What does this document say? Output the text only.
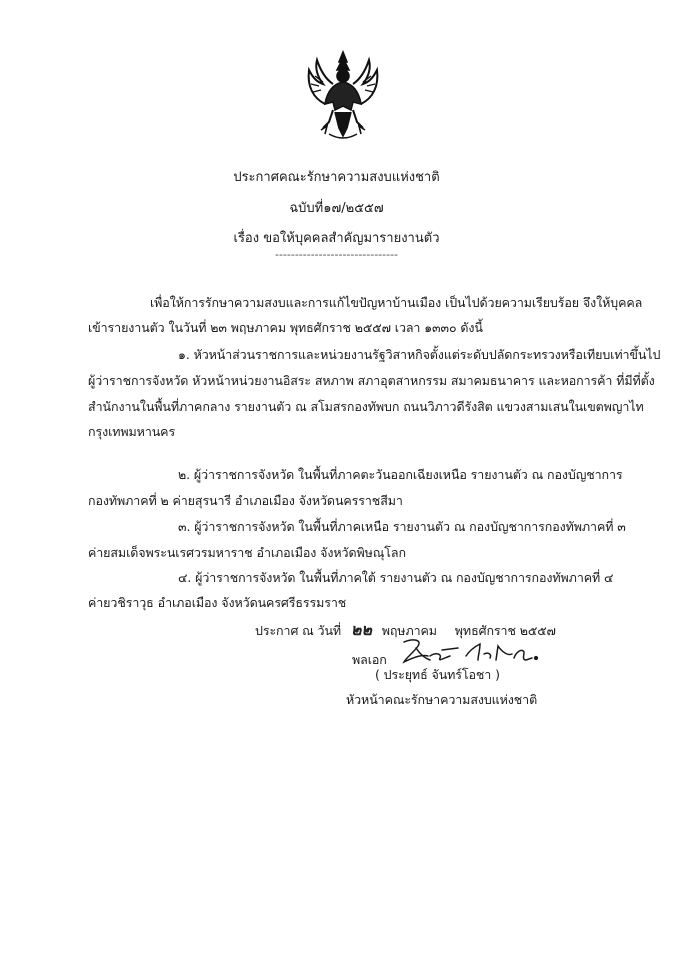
ประกาศคณะรักษาความสงบแห่งชาติ
ฉบับที่๑๗/๒๕๕๗
เรื่อง ขอให้บุคคลสำคัญมารายงานตัว
-------------------------------
เพื่อให้การรักษาความสงบและการแก้ไขปัญหาบ้านเมือง เป็นไปด้วยความเรียบร้อย จึงให้บุคคล
เข้ารายงานตัว ในวันที่ ๒๓ พฤษภาคม พุทธศักราช ๒๕๕๗ เวลา ๑๓๓๐ ดังนี้
๑. หัวหน้าส่วนราชการและหน่วยงานรัฐวิสาหกิจตั้งแต่ระดับปลัดกระทรวงหรือเทียบเท่าขึ้นไป
ผู้ว่าราชการจังหวัด หัวหน้าหน่วยงานอิสระ สหภาพ สภาอุตสาหกรรม สมาคมธนาคาร และหอการค้า ที่มีที่ตั้ง
สำนักงานในพื้นที่ภาคกลาง รายงานตัว ณ สโมสรกองทัพบก ถนนวิภาวดีรังสิต แขวงสามเสนในเขตพญาไท
กรุงเทพมหานคร
๒. ผู้ว่าราชการจังหวัด ในพื้นที่ภาคตะวันออกเฉียงเหนือ รายงานตัว ณ กองบัญชาการ
กองทัพภาคที่ ๒ ค่ายสุรนารี อำเภอเมือง จังหวัดนครราชสีมา
๓. ผู้ว่าราชการจังหวัด ในพื้นที่ภาคเหนือ รายงานตัว ณ กองบัญชาการกองทัพภาคที่ ๓
ค่ายสมเด็จพระนเรศวรมหาราช อำเภอเมือง จังหวัดพิษณุโลก
๔. ผู้ว่าราชการจังหวัด ในพื้นที่ภาคใต้ รายงานตัว ณ กองบัญชาการกองทัพภาคที่ ๔
ค่ายวชิราวุธ อำเภอเมือง จังหวัดนครศรีธรรมราช
ประกาศ ณ วันที่ ๒๒ พฤษภาคม พุทธศักราช ๒๕๕๗
พลเอก
( ประยุทธ์ จันทร์โอชา )
หัวหน้าคณะรักษาความสงบแห่งชาติ
